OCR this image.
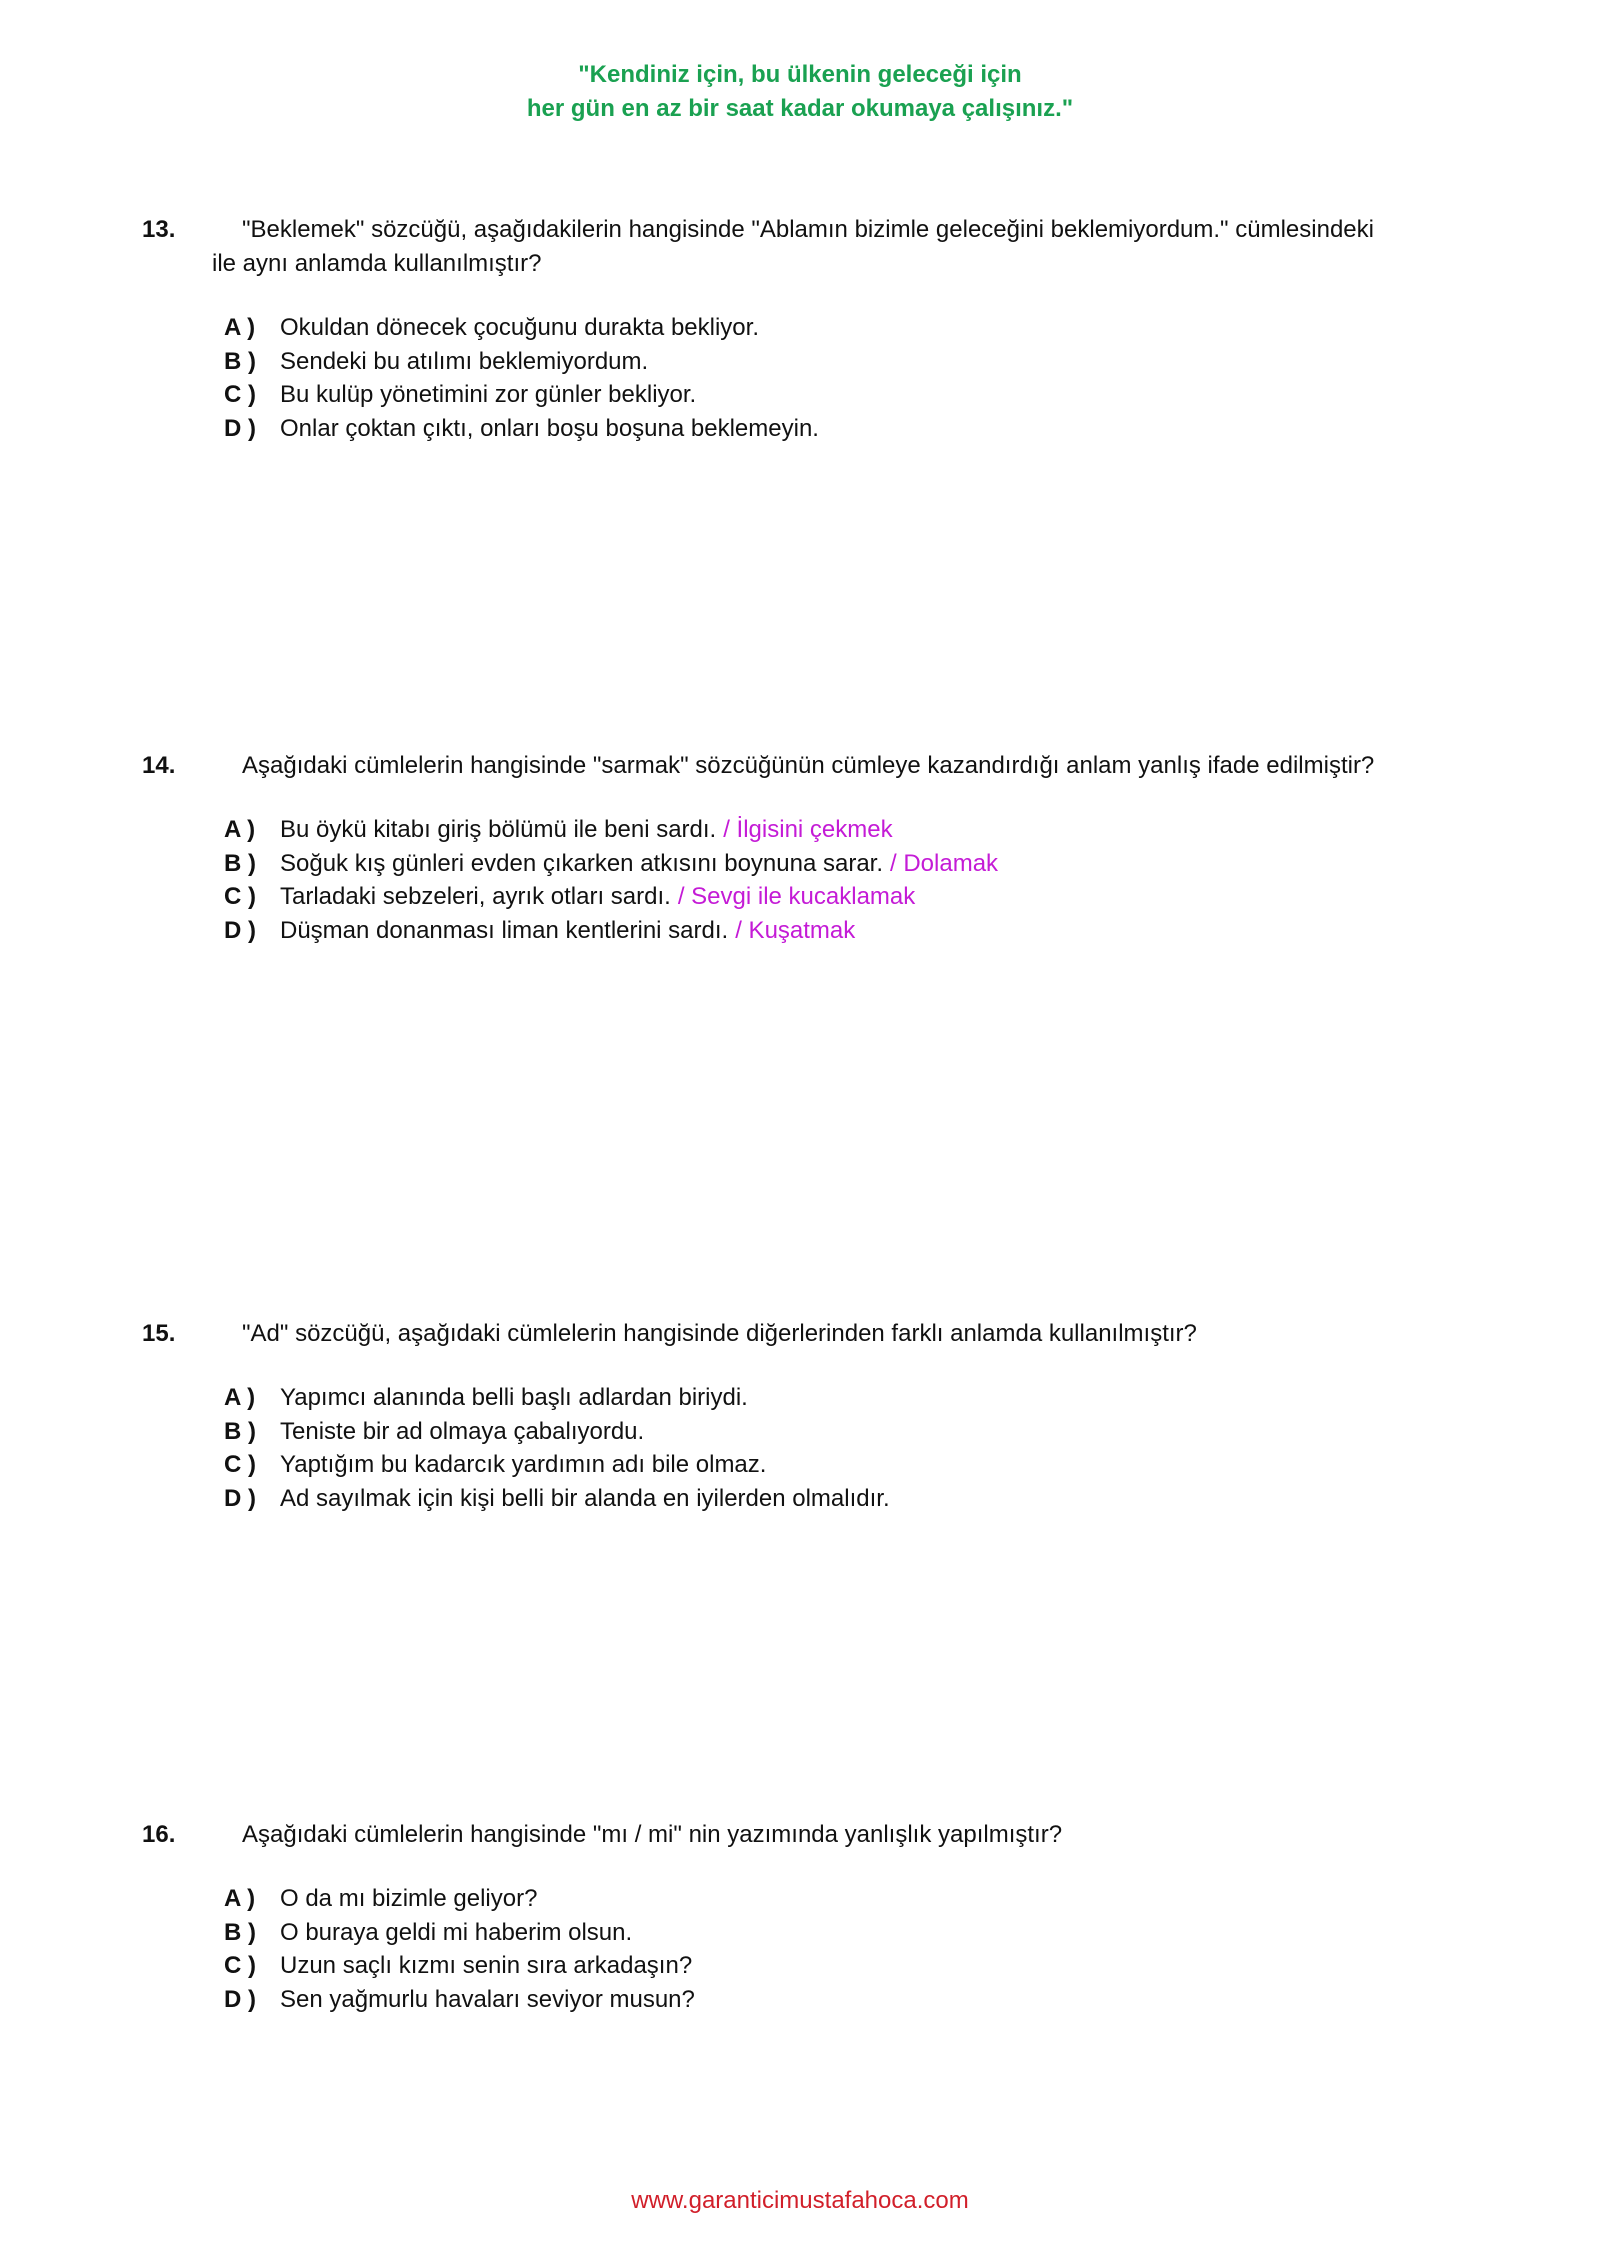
"Kendiniz için, bu ülkenin geleceği için
her gün en az bir saat kadar okumaya çalışınız."
13.	"Beklemek" sözcüğü, aşağıdakilerin hangisinde "Ablamın bizimle geleceğini beklemiyordum." cümlesindeki ile aynı anlamda kullanılmıştır?
A )	Okuldan dönecek çocuğunu durakta bekliyor.
B )	Sendeki bu atılımı beklemiyordum.
C )	Bu kulüp yönetimini zor günler bekliyor.
D )	Onlar çoktan çıktı, onları boşu boşuna beklemeyin.
14.	Aşağıdaki cümlelerin hangisinde "sarmak" sözcüğünün cümleye kazandırdığı anlam yanlış ifade edilmiştir?
A )	Bu öykü kitabı giriş bölümü ile beni sardı. / İlgisini çekmek
B )	Soğuk kış günleri evden çıkarken atkısını boynuna sarar. / Dolamak
C )	Tarladaki sebzeleri, ayrık otları sardı. / Sevgi ile kucaklamak
D )	Düşman donanması liman kentlerini sardı. / Kuşatmak
15.	"Ad" sözcüğü, aşağıdaki cümlelerin hangisinde diğerlerinden farklı anlamda kullanılmıştır?
A )	Yapımcı alanında belli başlı adlardan biriydi.
B )	Teniste bir ad olmaya çabalıyordu.
C )	Yaptığım bu kadarcık yardımın adı bile olmaz.
D )	Ad sayılmak için kişi belli bir alanda en iyilerden olmalıdır.
16.	Aşağıdaki cümlelerin hangisinde "mı / mi" nin yazımında yanlışlık yapılmıştır?
A )	O da mı bizimle geliyor?
B )	O buraya geldi mi haberim olsun.
C )	Uzun saçlı kızmı senin sıra arkadaşın?
D )	Sen yağmurlu havaları seviyor musun?
www.garanticimustafahoca.com
